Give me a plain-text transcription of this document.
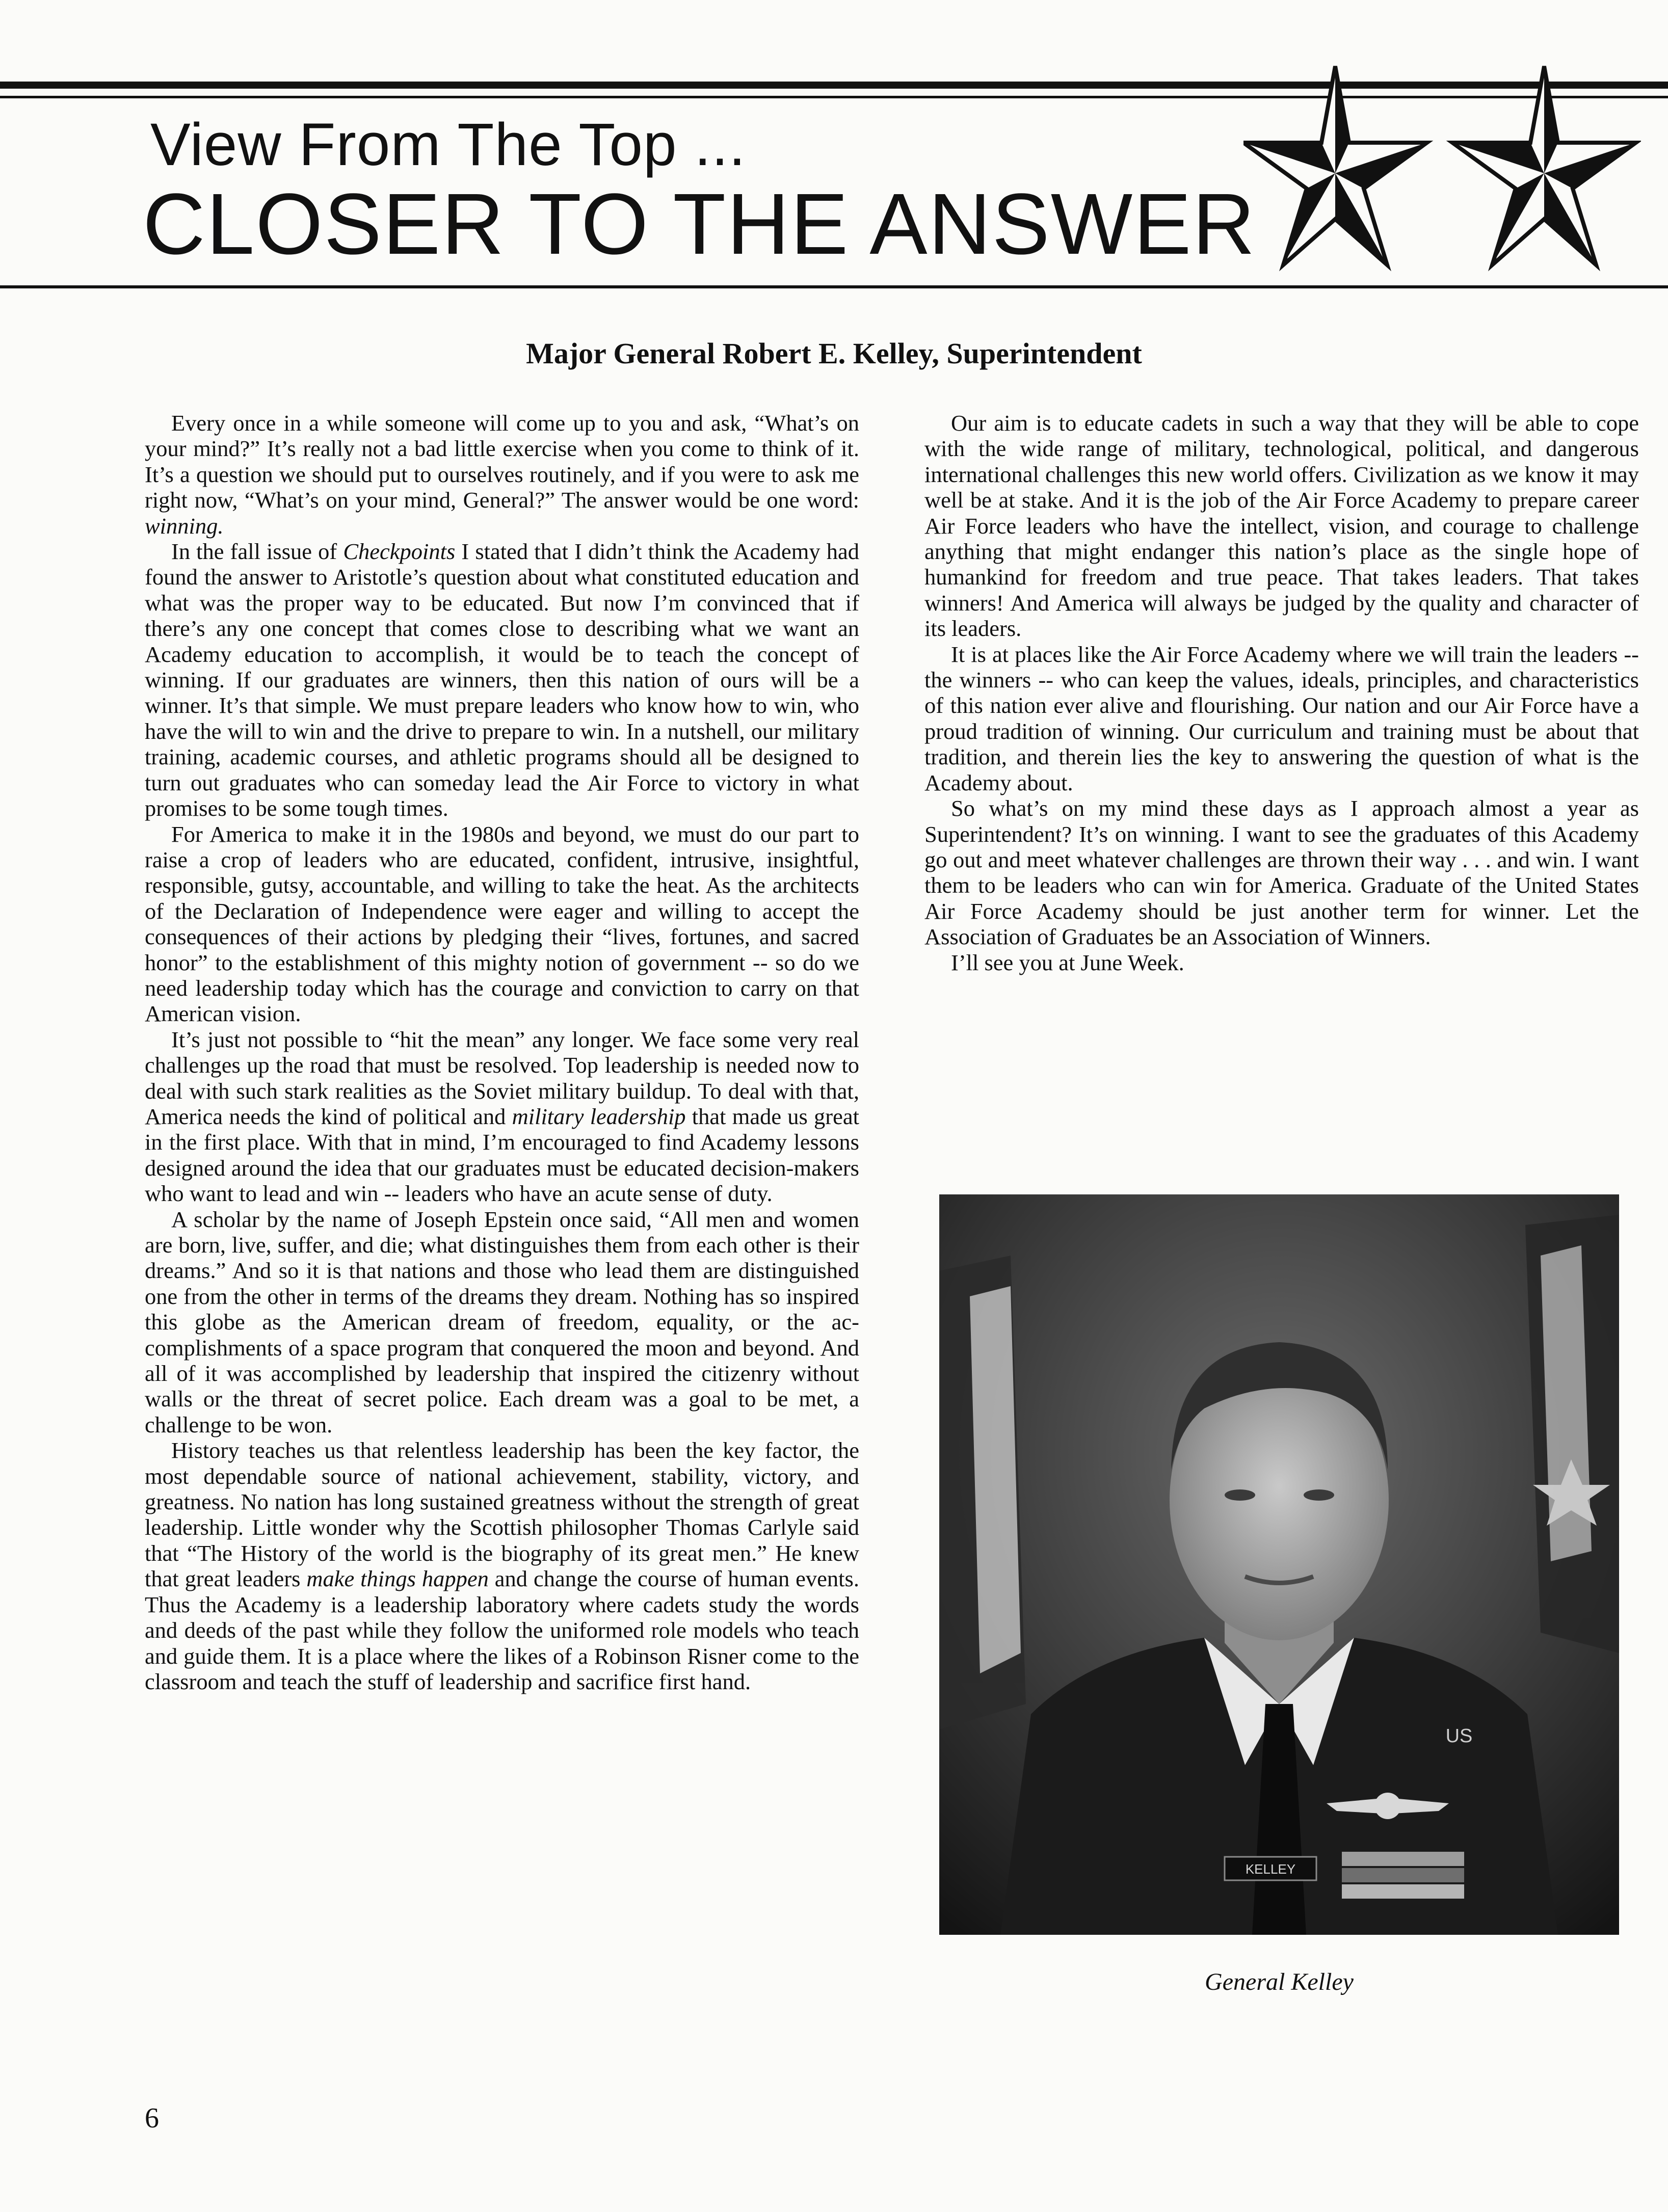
View From The Top ...
CLOSER TO THE ANSWER
Major General Robert E. Kelley, Superintendent

Every once in a while someone will come up to you and ask, “What’s on your mind?” It’s really not a bad little exercise when you come to think of it. It’s a question we should put to ourselves routinely, and if you were to ask me right now, “What’s on your mind, General?” The answer would be one word: winning.

In the fall issue of Checkpoints I stated that I didn’t think the Academy had found the answer to Aristotle’s question about what constituted education and what was the proper way to be educated. But now I’m convinced that if there’s any one concept that comes close to describing what we want an Academy education to accomplish, it would be to teach the concept of winning. If our graduates are winners, then this nation of ours will be a winner. It’s that simple. We must prepare leaders who know how to win, who have the will to win and the drive to prepare to win. In a nutshell, our military training, academic courses, and athletic programs should all be designed to turn out graduates who can someday lead the Air Force to victory in what promises to be some tough times.

For America to make it in the 1980s and beyond, we must do our part to raise a crop of leaders who are educated, confident, intrusive, insightful, responsible, gutsy, accountable, and willing to take the heat. As the architects of the Declaration of Independence were eager and willing to accept the consequences of their actions by pledging their “lives, fortunes, and sacred honor” to the establishment of this mighty notion of government -- so do we need leadership today which has the courage and conviction to carry on that American vision.

It’s just not possible to “hit the mean” any longer. We face some very real challenges up the road that must be resolved. Top leadership is needed now to deal with such stark realities as the Soviet military buildup. To deal with that, America needs the kind of political and military leadership that made us great in the first place. With that in mind, I’m encouraged to find Academy lessons designed around the idea that our graduates must be educated decision-makers who want to lead and win -- leaders who have an acute sense of duty.

A scholar by the name of Joseph Epstein once said, “All men and women are born, live, suffer, and die; what distinguishes them from each other is their dreams.” And so it is that nations and those who lead them are distinguished one from the other in terms of the dreams they dream. Nothing has so inspired this globe as the American dream of freedom, equality, or the accomplishments of a space program that conquered the moon and beyond. And all of it was accomplished by leadership that inspired the citizenry without walls or the threat of secret police. Each dream was a goal to be met, a challenge to be won.

History teaches us that relentless leadership has been the key factor, the most dependable source of national achievement, stability, victory, and greatness. No nation has long sustained greatness without the strength of great leadership. Little wonder why the Scottish philosopher Thomas Carlyle said that “The History of the world is the biography of its great men.” He knew that great leaders make things happen and change the course of human events. Thus the Academy is a leadership laboratory where cadets study the words and deeds of the past while they follow the uniformed role models who teach and guide them. It is a place where the likes of a Robinson Risner come to the classroom and teach the stuff of leadership and sacrifice first hand.

Our aim is to educate cadets in such a way that they will be able to cope with the wide range of military, technological, political, and dangerous international challenges this new world offers. Civilization as we know it may well be at stake. And it is the job of the Air Force Academy to prepare career Air Force leaders who have the intellect, vision, and courage to challenge anything that might endanger this nation’s place as the single hope of humankind for freedom and true peace. That takes leaders. That takes winners! And America will always be judged by the quality and character of its leaders.

It is at places like the Air Force Academy where we will train the leaders -- the winners -- who can keep the values, ideals, principles, and characteristics of this nation ever alive and flourishing. Our nation and our Air Force have a proud tradition of winning. Our curriculum and training must be about that tradition, and therein lies the key to answering the question of what is the Academy about.

So what’s on my mind these days as I approach almost a year as Superintendent? It’s on winning. I want to see the graduates of this Academy go out and meet whatever challenges are thrown their way . . . and win. I want them to be leaders who can win for America. Graduate of the United States Air Force Academy should be just another term for winner. Let the Association of Graduates be an Association of Winners.

I’ll see you at June Week.

KELLEY
US
General Kelley
6
